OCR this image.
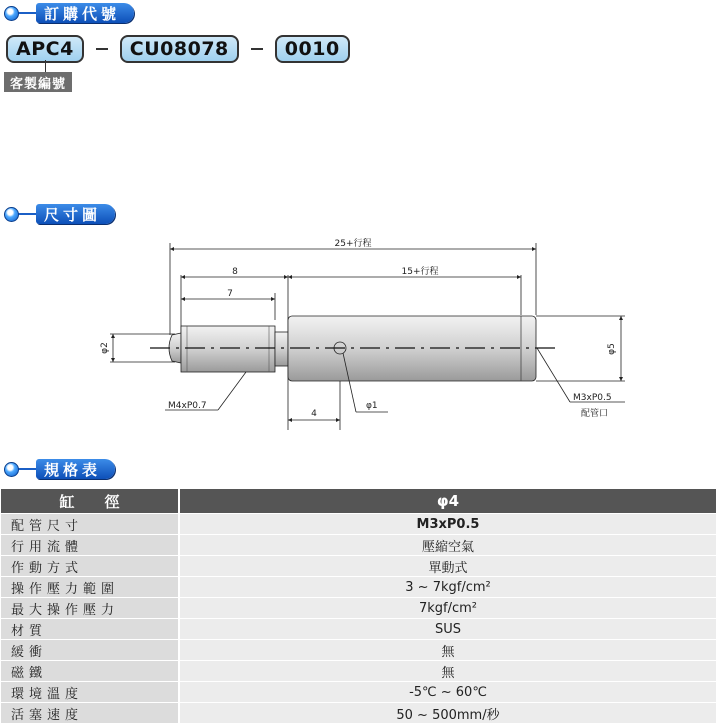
訂購代號
APC4	CU08078	0010
客製編號
尺寸圖
25+行程
8	15+行程
7
φ2	φ5
4
M4xP0.7	φ1
M3xP0.5
配管口
規格表
缸　　徑	φ4
配管尺寸	M3xP0.5
行用流體	壓縮空氣
作動方式	單動式
操作壓力範圍	3 ~ 7kgf/cm²
最大操作壓力	7kgf/cm²
材質	SUS
緩衝	無
磁鐵	無
環境溫度	-5℃ ~ 60℃
活塞速度	50 ~ 500mm/秒
